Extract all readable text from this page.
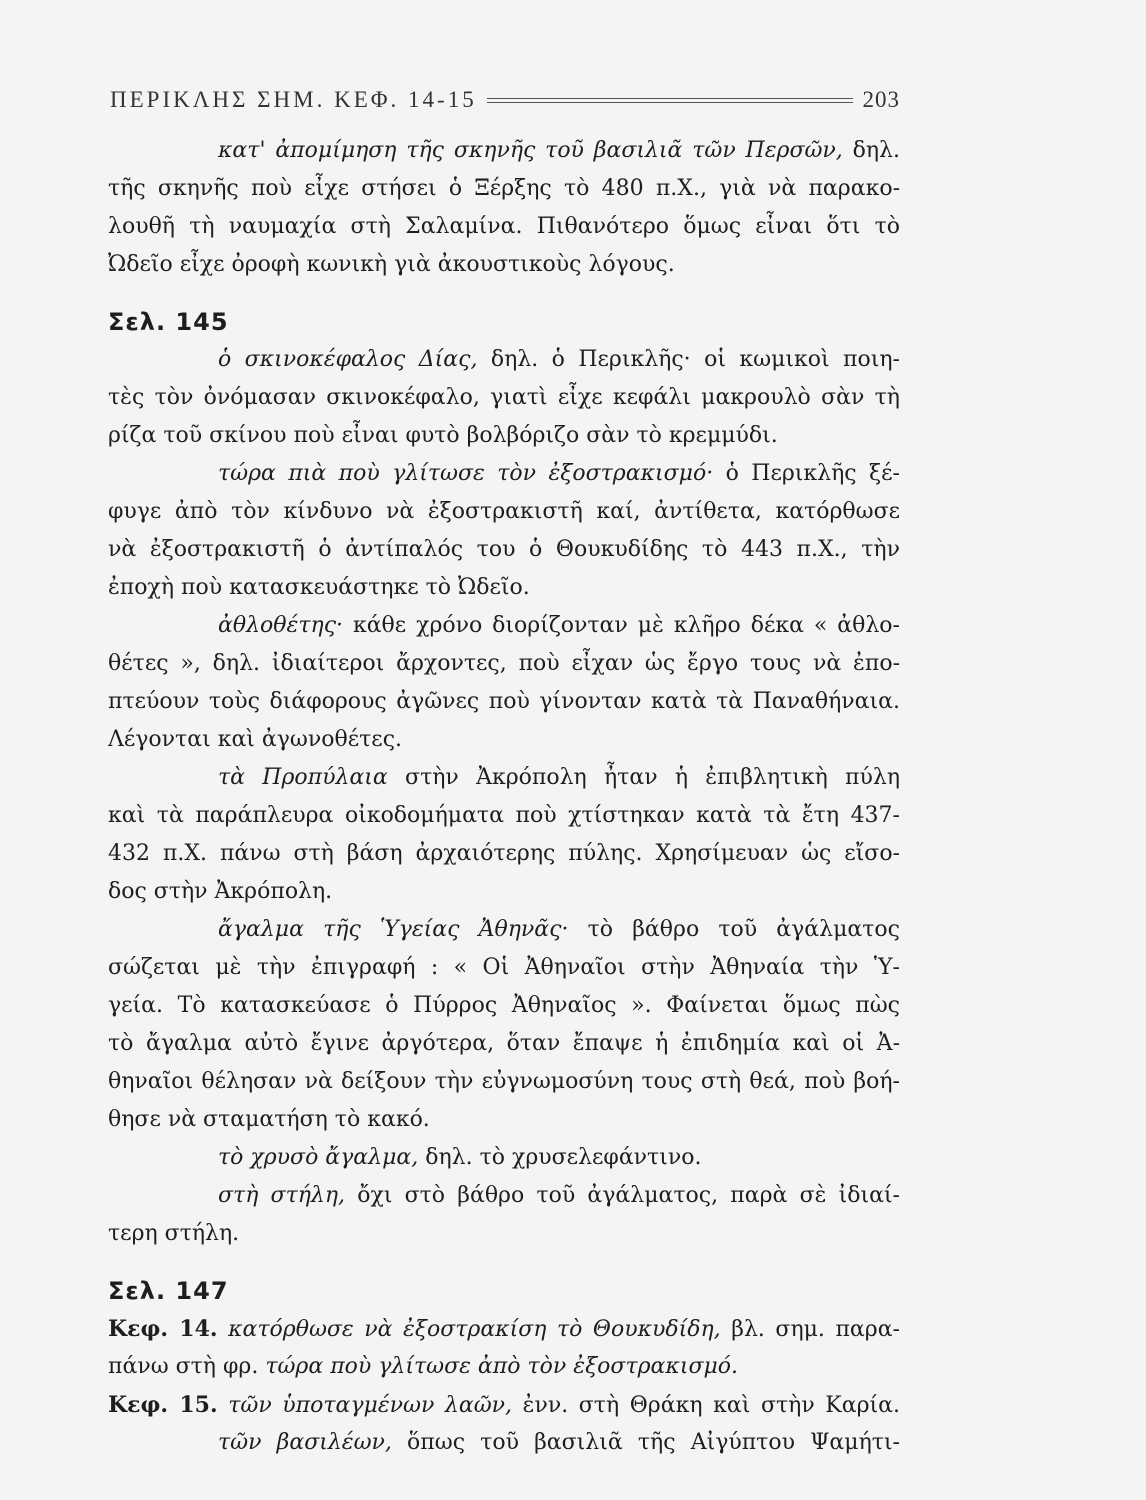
ΠΕΡΙΚΛΗΣ ΣΗΜ. ΚΕΦ. 14-15	203
κατ' ἀπομίμηση τῆς σκηνῆς τοῦ βασιλιᾶ τῶν Περσῶν, δηλ.
τῆς σκηνῆς ποὺ εἶχε στήσει ὁ Ξέρξης τὸ 480 π.Χ., γιὰ νὰ παρακο-
λουθῆ τὴ ναυμαχία στὴ Σαλαμίνα. Πιθανότερο ὅμως εἶναι ὅτι τὸ
Ὠδεῖο εἶχε ὀροφὴ κωνικὴ γιὰ ἀκουστικοὺς λόγους.
Σελ. 145
ὁ σκινοκέφαλος Δίας, δηλ. ὁ Περικλῆς· οἱ κωμικοὶ ποιη-
τὲς τὸν ὀνόμασαν σκινοκέφαλο, γιατὶ εἶχε κεφάλι μακρουλὸ σὰν τὴ
ρίζα τοῦ σκίνου ποὺ εἶναι φυτὸ βολβόριζο σὰν τὸ κρεμμύδι.
τώρα πιὰ ποὺ γλίτωσε τὸν ἐξοστρακισμό· ὁ Περικλῆς ξέ-
φυγε ἀπὸ τὸν κίνδυνο νὰ ἐξοστρακιστῆ καί, ἀντίθετα, κατόρθωσε
νὰ ἐξοστρακιστῆ ὁ ἀντίπαλός του ὁ Θουκυδίδης τὸ 443 π.Χ., τὴν
ἐποχὴ ποὺ κατασκευάστηκε τὸ Ὠδεῖο.
ἀθλοθέτης· κάθε χρόνο διορίζονταν μὲ κλῆρο δέκα « ἀθλο-
θέτες », δηλ. ἰδιαίτεροι ἄρχοντες, ποὺ εἶχαν ὡς ἔργο τους νὰ ἐπο-
πτεύουν τοὺς διάφορους ἀγῶνες ποὺ γίνονταν κατὰ τὰ Παναθήναια.
Λέγονται καὶ ἀγωνοθέτες.
τὰ Προπύλαια στὴν Ἀκρόπολη ἦταν ἡ ἐπιβλητικὴ πύλη
καὶ τὰ παράπλευρα οἰκοδομήματα ποὺ χτίστηκαν κατὰ τὰ ἔτη 437-
432 π.Χ. πάνω στὴ βάση ἀρχαιότερης πύλης. Χρησίμευαν ὡς εἴσο-
δος στὴν Ἀκρόπολη.
ἄγαλμα τῆς Ὑγείας Ἀθηνᾶς· τὸ βάθρο τοῦ ἀγάλματος
σώζεται μὲ τὴν ἐπιγραφή : « Οἱ Ἀθηναῖοι στὴν Ἀθηναία τὴν Ὑ-
γεία. Τὸ κατασκεύασε ὁ Πύρρος Ἀθηναῖος ». Φαίνεται ὅμως πὼς
τὸ ἄγαλμα αὐτὸ ἔγινε ἀργότερα, ὅταν ἔπαψε ἡ ἐπιδημία καὶ οἱ Ἀ-
θηναῖοι θέλησαν νὰ δείξουν τὴν εὐγνωμοσύνη τους στὴ θεά, ποὺ βοή-
θησε νὰ σταματήση τὸ κακό.
τὸ χρυσὸ ἄγαλμα, δηλ. τὸ χρυσελεφάντινο.
στὴ στήλη, ὄχι στὸ βάθρο τοῦ ἀγάλματος, παρὰ σὲ ἰδιαί-
τερη στήλη.
Σελ. 147
Κεφ. 14. κατόρθωσε νὰ ἐξοστρακίση τὸ Θουκυδίδη, βλ. σημ. παρα-
πάνω στὴ φρ. τώρα ποὺ γλίτωσε ἀπὸ τὸν ἐξοστρακισμό.
Κεφ. 15. τῶν ὑποταγμένων λαῶν, ἐνν. στὴ Θράκη καὶ στὴν Καρία.
τῶν βασιλέων, ὅπως τοῦ βασιλιᾶ τῆς Αἰγύπτου Ψαμήτι-
